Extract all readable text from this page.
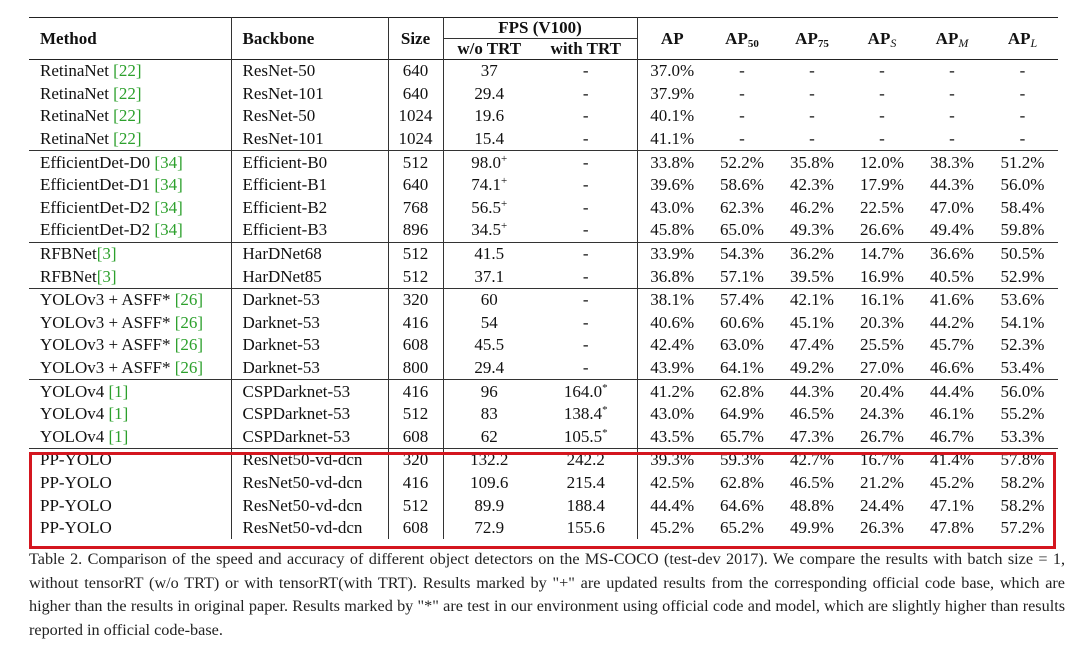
Method	Backbone	Size	FPS (V100)		AP	$AP_{50}$	$AP_{75}$	$AP_S$	$AP_M$	$AP_L$
			w/o TRT	with TRT						
RetinaNet [22]	ResNet-50	640	37	-	37.0%	-	-	-	-	-
RetinaNet [22]	ResNet-101	640	29.4	-	37.9%	-	-	-	-	-
RetinaNet [22]	ResNet-50	1024	19.6	-	40.1%	-	-	-	-	-
RetinaNet [22]	ResNet-101	1024	15.4	-	41.1%	-	-	-	-	-
EfficientDet-D0 [34]	Efficient-B0	512	98.0+	-	33.8%	52.2%	35.8%	12.0%	38.3%	51.2%
EfficientDet-D1 [34]	Efficient-B1	640	74.1+	-	39.6%	58.6%	42.3%	17.9%	44.3%	56.0%
EfficientDet-D2 [34]	Efficient-B2	768	56.5+	-	43.0%	62.3%	46.2%	22.5%	47.0%	58.4%
EfficientDet-D2 [34]	Efficient-B3	896	34.5+	-	45.8%	65.0%	49.3%	26.6%	49.4%	59.8%
RFBNet[3]	HarDNet68	512	41.5	-	33.9%	54.3%	36.2%	14.7%	36.6%	50.5%
RFBNet[3]	HarDNet85	512	37.1	-	36.8%	57.1%	39.5%	16.9%	40.5%	52.9%
YOLOv3 + ASFF* [26]	Darknet-53	320	60	-	38.1%	57.4%	42.1%	16.1%	41.6%	53.6%
YOLOv3 + ASFF* [26]	Darknet-53	416	54	-	40.6%	60.6%	45.1%	20.3%	44.2%	54.1%
YOLOv3 + ASFF* [26]	Darknet-53	608	45.5	-	42.4%	63.0%	47.4%	25.5%	45.7%	52.3%
YOLOv3 + ASFF* [26]	Darknet-53	800	29.4	-	43.9%	64.1%	49.2%	27.0%	46.6%	53.4%
YOLOv4 [1]	CSPDarknet-53	416	96	164.0*	41.2%	62.8%	44.3%	20.4%	44.4%	56.0%
YOLOv4 [1]	CSPDarknet-53	512	83	138.4*	43.0%	64.9%	46.5%	24.3%	46.1%	55.2%
YOLOv4 [1]	CSPDarknet-53	608	62	105.5*	43.5%	65.7%	47.3%	26.7%	46.7%	53.3%
PP-YOLO	ResNet50-vd-dcn	320	132.2	242.2	39.3%	59.3%	42.7%	16.7%	41.4%	57.8%
PP-YOLO	ResNet50-vd-dcn	416	109.6	215.4	42.5%	62.8%	46.5%	21.2%	45.2%	58.2%
PP-YOLO	ResNet50-vd-dcn	512	89.9	188.4	44.4%	64.6%	48.8%	24.4%	47.1%	58.2%
PP-YOLO	ResNet50-vd-dcn	608	72.9	155.6	45.2%	65.2%	49.9%	26.3%	47.8%	57.2%
Table 2. Comparison of the speed and accuracy of different object detectors on the MS-COCO (test-dev 2017). We compare the results with batch size = 1, without tensorRT (w/o TRT) or with tensorRT(with TRT). Results marked by "+" are updated results from the corresponding official code base, which are higher than the results in original paper. Results marked by "*" are test in our environment using official code and model, which are slightly higher than results reported in official code-base.
